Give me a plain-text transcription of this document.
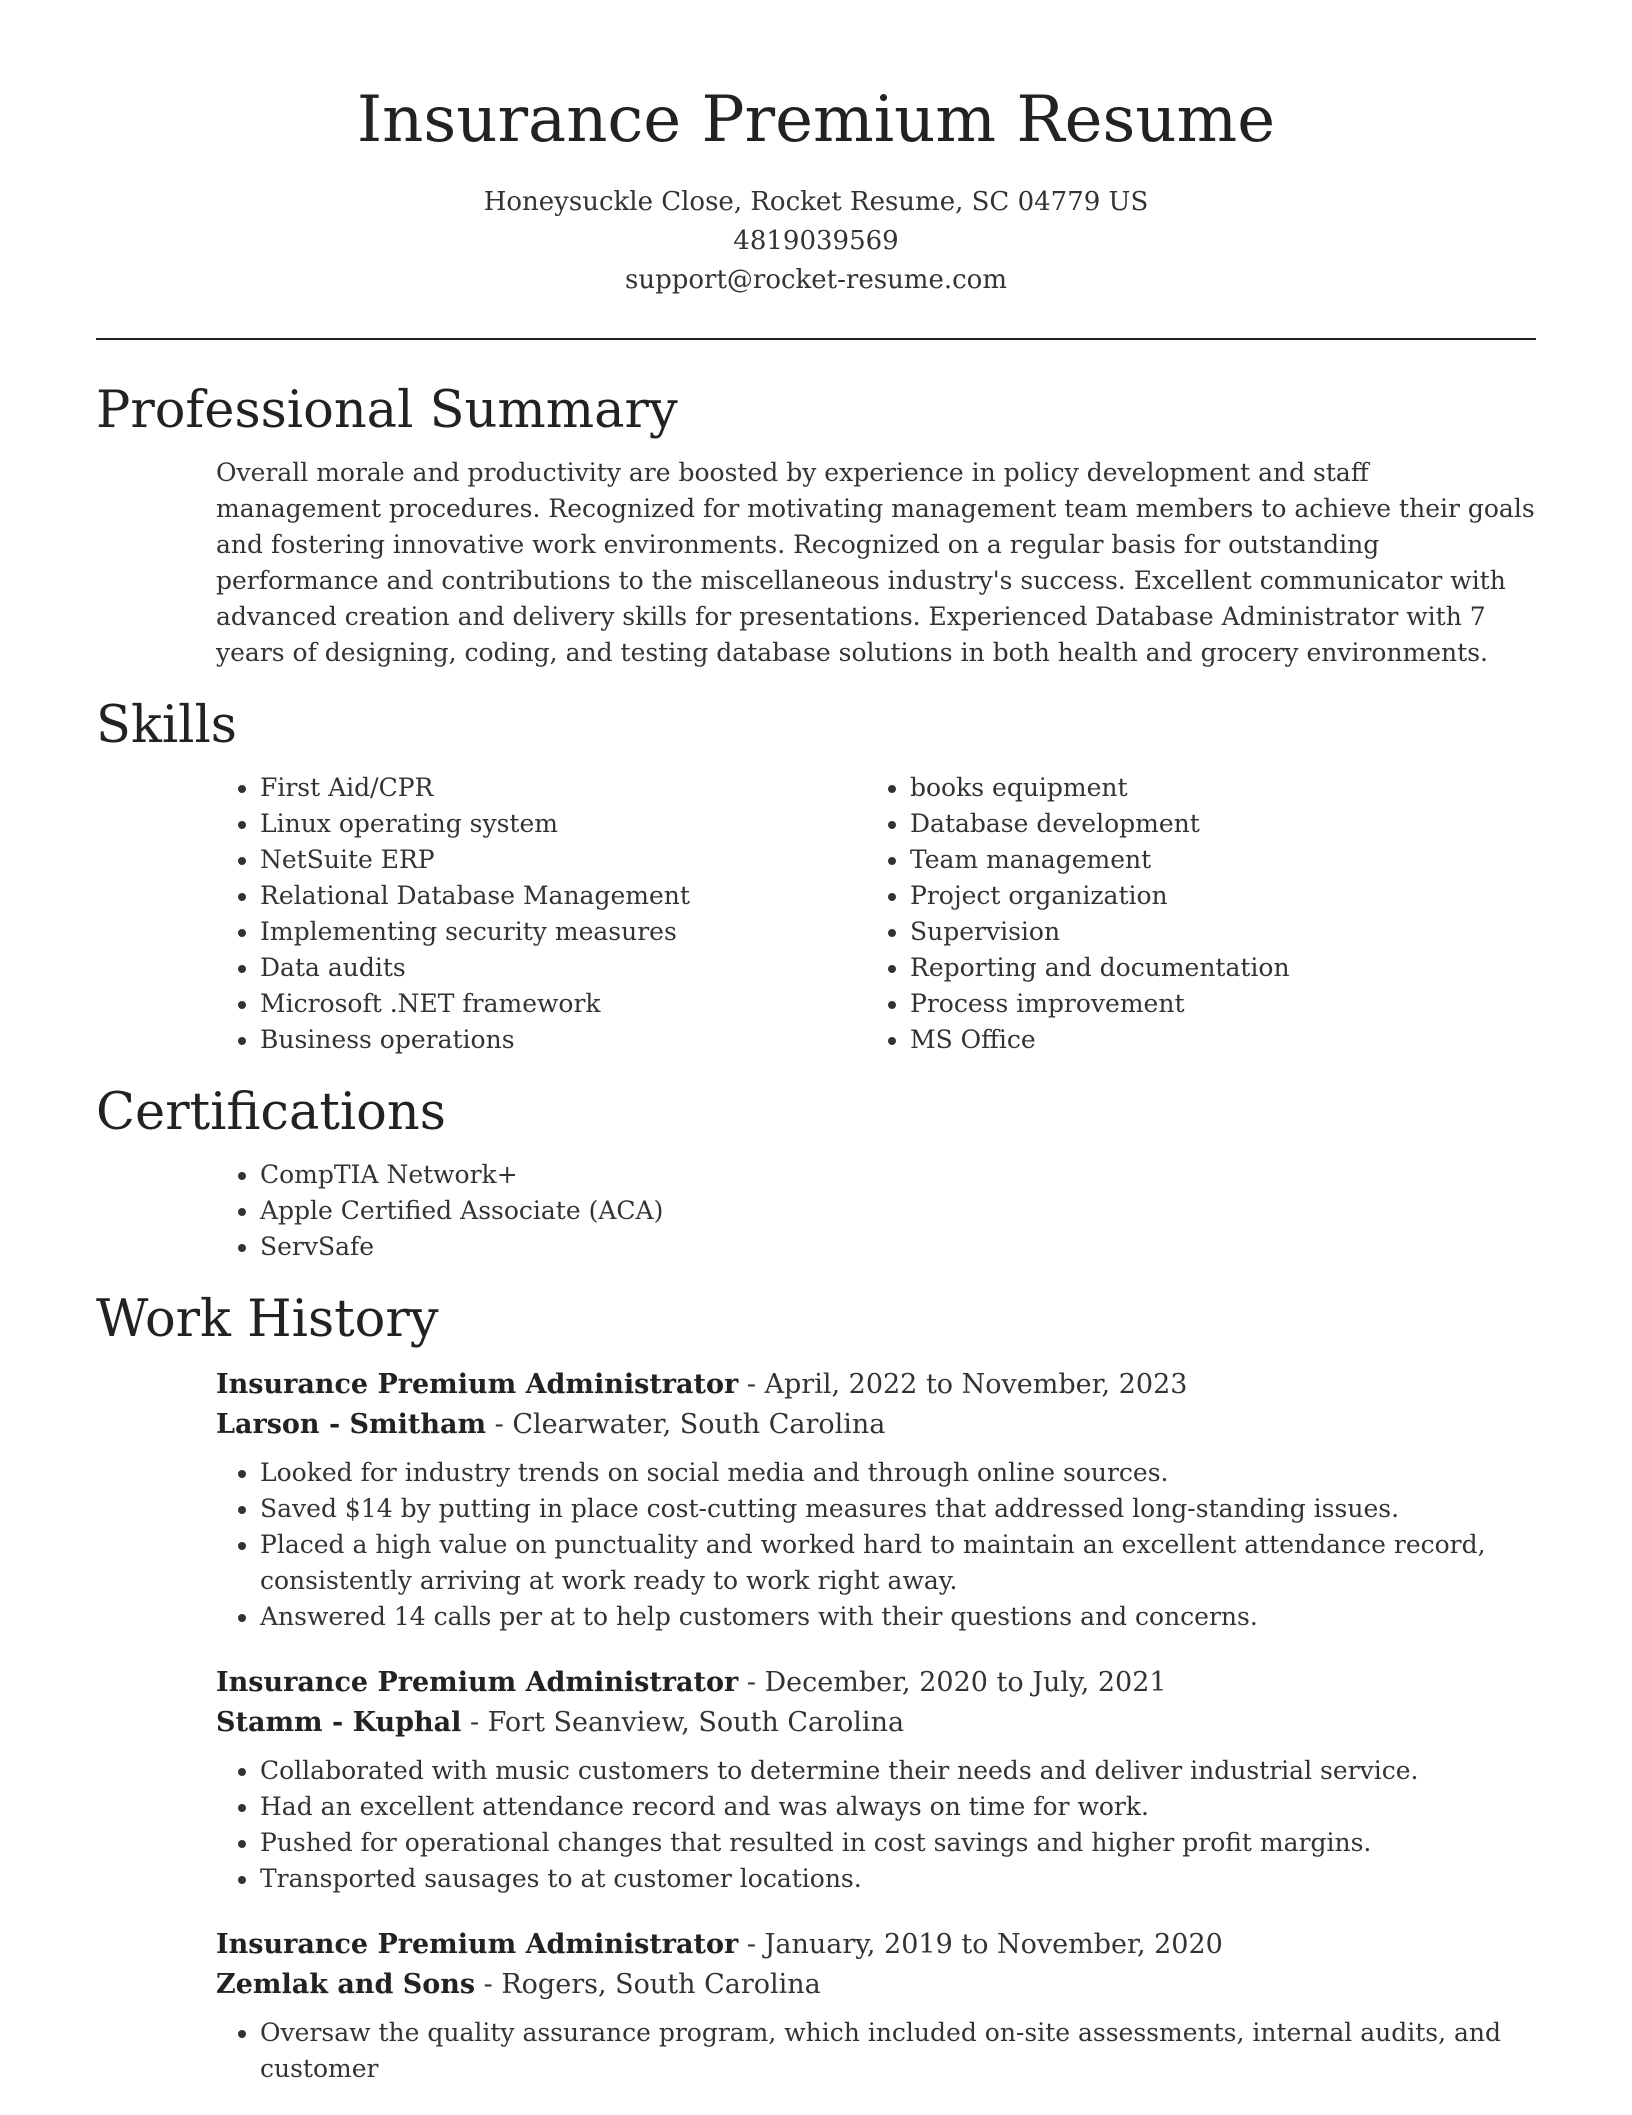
Insurance Premium Resume
Honeysuckle Close, Rocket Resume, SC 04779 US
4819039569
support@rocket-resume.com
Professional Summary

Overall morale and productivity are boosted by experience in policy development and staff management procedures. Recognized for motivating management team members to achieve their goals and fostering innovative work environments. Recognized on a regular basis for outstanding performance and contributions to the miscellaneous industry's success. Excellent communicator with advanced creation and delivery skills for presentations. Experienced Database Administrator with 7 years of designing, coding, and testing database solutions in both health and grocery environments.

Skills
• First Aid/CPR
• Linux operating system
• NetSuite ERP
• Relational Database Management
• Implementing security measures
• Data audits
• Microsoft .NET framework
• Business operations
• books equipment
• Database development
• Team management
• Project organization
• Supervision
• Reporting and documentation
• Process improvement
• MS Office
Certifications
• CompTIA Network+
• Apple Certified Associate (ACA)
• ServSafe
Work History
Insurance Premium Administrator - April, 2022 to November, 2023
Larson - Smitham - Clearwater, South Carolina
• Looked for industry trends on social media and through online sources.
• Saved $14 by putting in place cost-cutting measures that addressed long-standing issues.
• Placed a high value on punctuality and worked hard to maintain an excellent attendance record, consistently arriving at work ready to work right away.
• Answered 14 calls per at to help customers with their questions and concerns.
Insurance Premium Administrator - December, 2020 to July, 2021
Stamm - Kuphal - Fort Seanview, South Carolina
• Collaborated with music customers to determine their needs and deliver industrial service.
• Had an excellent attendance record and was always on time for work.
• Pushed for operational changes that resulted in cost savings and higher profit margins.
• Transported sausages to at customer locations.
Insurance Premium Administrator - January, 2019 to November, 2020
Zemlak and Sons - Rogers, South Carolina
• Oversaw the quality assurance program, which included on-site assessments, internal audits, and customer
